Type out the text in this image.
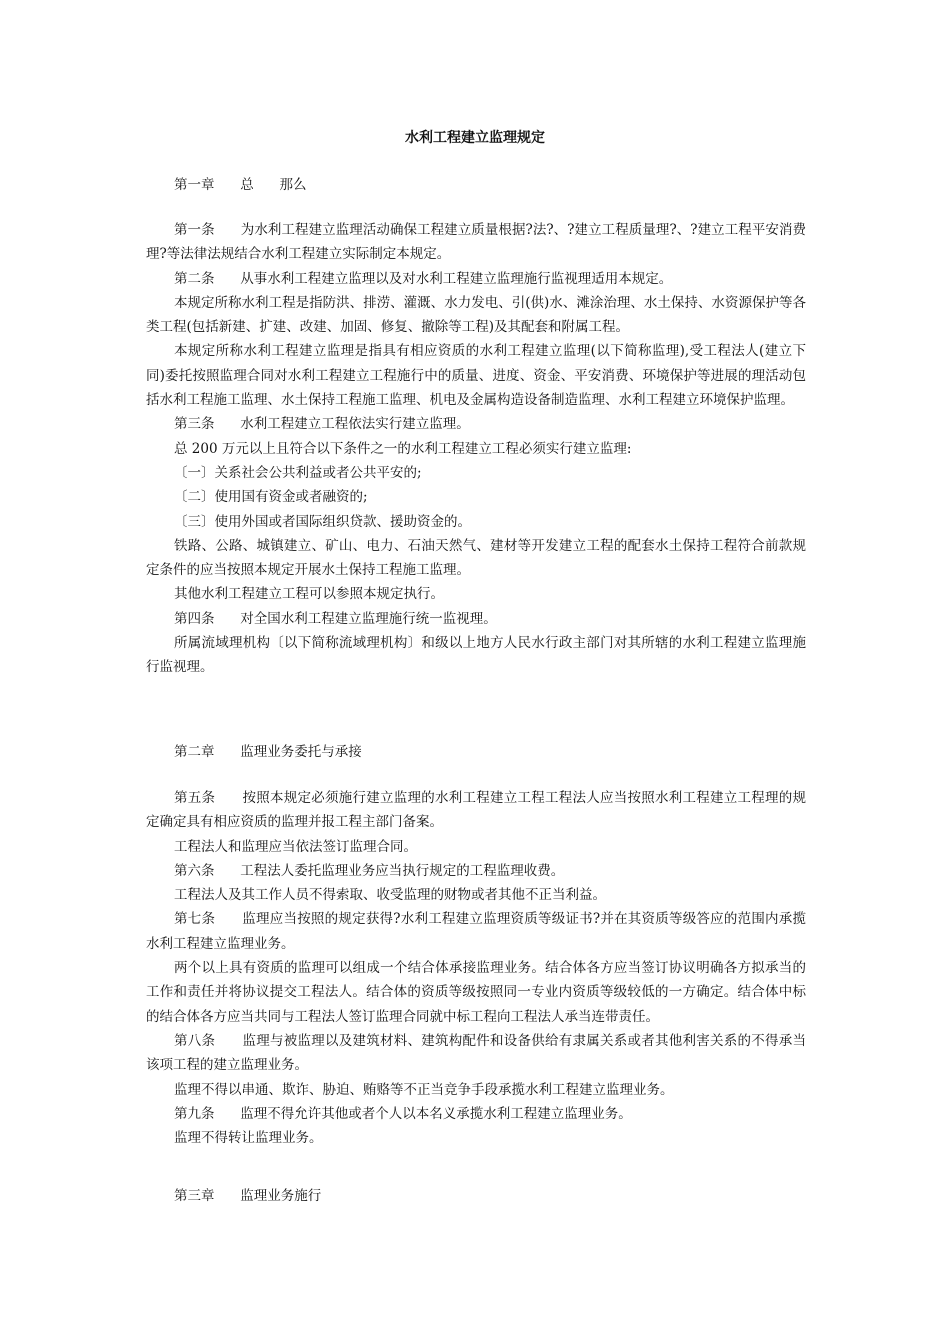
水利工程建立监理规定
第一章 总 那么

第一条 为水利工程建立监理活动确保工程建立质量根据?法?、?建立工程质量理?、?建立工程平安消费理?等法律法规结合水利工程建立实际制定本规定。

第二条 从事水利工程建立监理以及对水利工程建立监理施行监视理适用本规定。

本规定所称水利工程是指防洪、排涝、灌溉、水力发电、引(供)水、滩涂治理、水土保持、水资源保护等各类工程(包括新建、扩建、改建、加固、修复、撤除等工程)及其配套和附属工程。

本规定所称水利工程建立监理是指具有相应资质的水利工程建立监理(以下简称监理),受工程法人(建立下同)委托按照监理合同对水利工程建立工程施行中的质量、进度、资金、平安消费、环境保护等进展的理活动包括水利工程施工监理、水土保持工程施工监理、机电及金属构造设备制造监理、水利工程建立环境保护监理。

第三条 水利工程建立工程依法实行建立监理。

总 200 万元以上且符合以下条件之一的水利工程建立工程必须实行建立监理:

〔一〕关系社会公共利益或者公共平安的;

〔二〕使用国有资金或者融资的;

〔三〕使用外国或者国际组织贷款、援助资金的。

铁路、公路、城镇建立、矿山、电力、石油天然气、建材等开发建立工程的配套水土保持工程符合前款规定条件的应当按照本规定开展水土保持工程施工监理。

其他水利工程建立工程可以参照本规定执行。

第四条 对全国水利工程建立监理施行统一监视理。

所属流域理机构〔以下简称流域理机构〕和级以上地方人民水行政主部门对其所辖的水利工程建立监理施行监视理。

第二章 监理业务委托与承接

第五条 按照本规定必须施行建立监理的水利工程建立工程工程法人应当按照水利工程建立工程理的规定确定具有相应资质的监理并报工程主部门备案。

工程法人和监理应当依法签订监理合同。

第六条 工程法人委托监理业务应当执行规定的工程监理收费。

工程法人及其工作人员不得索取、收受监理的财物或者其他不正当利益。

第七条 监理应当按照的规定获得?水利工程建立监理资质等级证书?并在其资质等级答应的范围内承揽水利工程建立监理业务。

两个以上具有资质的监理可以组成一个结合体承接监理业务。结合体各方应当签订协议明确各方拟承当的工作和责任并将协议提交工程法人。结合体的资质等级按照同一专业内资质等级较低的一方确定。结合体中标的结合体各方应当共同与工程法人签订监理合同就中标工程向工程法人承当连带责任。

第八条 监理与被监理以及建筑材料、建筑构配件和设备供给有隶属关系或者其他利害关系的不得承当该项工程的建立监理业务。

监理不得以串通、欺诈、胁迫、贿赂等不正当竞争手段承揽水利工程建立监理业务。

第九条 监理不得允许其他或者个人以本名义承揽水利工程建立监理业务。

监理不得转让监理业务。

第三章 监理业务施行
